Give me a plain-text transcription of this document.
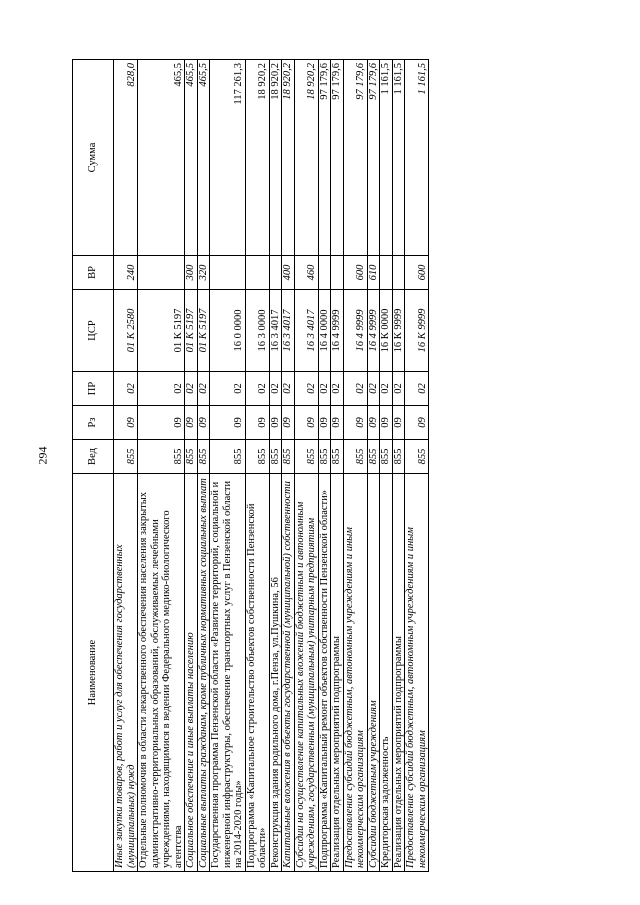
294
Наименование	Вед	Рз	ПР	ЦСР	ВР	Сумма
Иные закупки товаров, работ и услуг для обеспечения государственных (муниципальных) нужд	855	09	02	01 К 2580	240	828,0
Отдельные полномочия в области лекарственного обеспечения населения закрытых административно-территориальных образований, обслуживаемых лечебными учреждениями, находящимися в ведении Федерального медико-биологического агентства	855	09	02	01 К 5197		465,5
Социальное обеспечение и иные выплаты населению	855	09	02	01 К 5197	300	465,5
Социальные выплаты гражданам, кроме публичных нормативных социальных выплат	855	09	02	01 К 5197	320	465,5
Государственная программа Пензенской области «Развитие территорий, социальной и инженерной инфраструктуры, обеспечение транспортных услуг в Пензенской области на 2014-2020 годы»	855	09	02	16 0 0000		117 261,3
Подпрограмма «Капитальное строительство объектов собственности Пензенской области»	855	09	02	16 3 0000		18 920,2
Реконструкция здания родильного дома, г.Пенза, ул.Пушкина, 56	855	09	02	16 3 4017		18 920,2
Капитальные вложения в объекты государственной (муниципальной) собственности	855	09	02	16 3 4017	400	18 920,2
Субсидии на осуществление капитальных вложений бюджетным и автономным учреждениям, государственным (муниципальным) унитарным предприятиям	855	09	02	16 3 4017	460	18 920,2
Подпрограмма «Капитальный ремонт объектов собственности Пензенской области»	855	09	02	16 4 0000		97 179,6
Реализация отдельных мероприятий подпрограммы	855	09	02	16 4 9999		97 179,6
Предоставление субсидий бюджетным, автономным учреждениям и иным некоммерческим организациям	855	09	02	16 4 9999	600	97 179,6
Субсидии бюджетным учреждениям	855	09	02	16 4 9999	610	97 179,6
Кредиторская задолженность	855	09	02	16 К 0000		1 161,5
Реализация отдельных мероприятий подпрограммы	855	09	02	16 К 9999		1 161,5
Предоставление субсидий бюджетным, автономным учреждениям и иным некоммерческим организациям	855	09	02	16 К 9999	600	1 161,5
